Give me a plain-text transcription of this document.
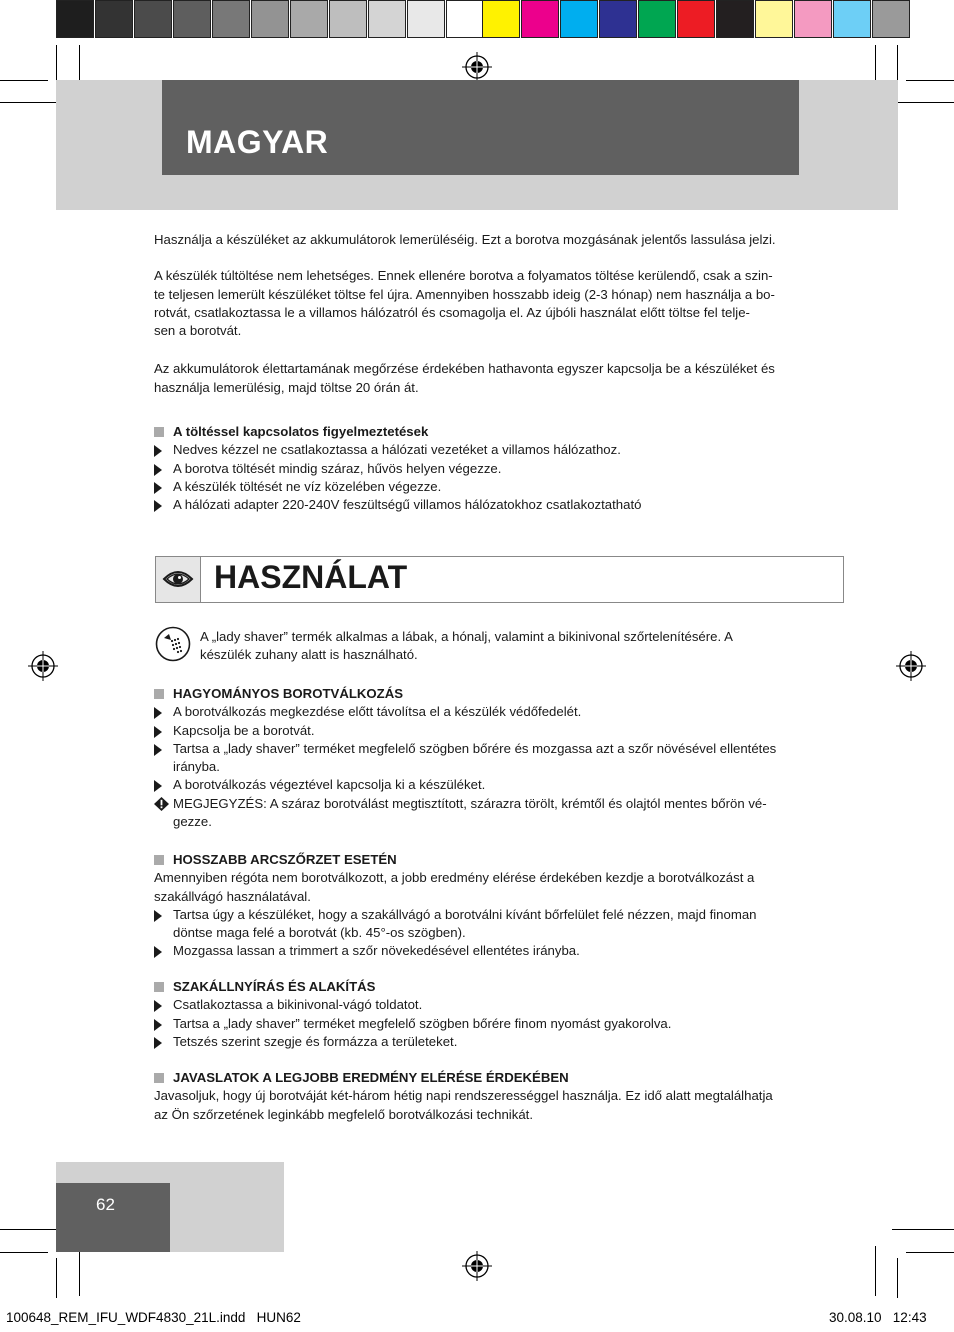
MAGYAR

Használja a készüléket az akkumulátorok lemerüléséig. Ezt a borotva mozgásának jelentős lassulása jelzi.

A készülék túltöltése nem lehetséges. Ennek ellenére borotva a folyamatos töltése kerülendő, csak a szin-
te teljesen lemerült készüléket töltse fel újra. Amennyiben hosszabb ideig (2-3 hónap) nem használja a bo-
rotvát, csatlakoztassa le a villamos hálózatról és csomagolja el. Az újbóli használat előtt töltse fel telje-
sen a borotvát.

Az akkumulátorok élettartamának megőrzése érdekében hathavonta egyszer kapcsolja be a készüléket és
használja lemerülésig, majd töltse 20 órán át.

A töltéssel kapcsolatos figyelmeztetések
Nedves kézzel ne csatlakoztassa a hálózati vezetéket a villamos hálózathoz.
A borotva töltését mindig száraz, hűvös helyen végezze.
A készülék töltését ne víz közelében végezze.
A hálózati adapter 220-240V feszültségű villamos hálózatokhoz csatlakoztatható
HASZNÁLAT
A „lady shaver” termék alkalmas a lábak, a hónalj, valamint a bikinivonal szőrtelenítésére. A
készülék zuhany alatt is használható.
HAGYOMÁNYOS BOROTVÁLKOZÁS
A borotválkozás megkezdése előtt távolítsa el a készülék védőfedelét.
Kapcsolja be a borotvát.
Tartsa a „lady shaver” terméket megfelelő szögben bőrére és mozgassa azt a szőr növésével ellentétes
irányba.
A borotválkozás végeztével kapcsolja ki a készüléket.
MEGJEGYZÉS: A száraz borotválást megtisztított, szárazra törölt, krémtől és olajtól mentes bőrön vé-
gezze.
HOSSZABB ARCSZŐRZET ESETÉN
Amennyiben régóta nem borotválkozott, a jobb eredmény elérése érdekében kezdje a borotválkozást a
szakállvágó használatával.
Tartsa úgy a készüléket, hogy a szakállvágó a borotválni kívánt bőrfelület felé nézzen, majd finoman
döntse maga felé a borotvát (kb. 45°-os szögben).
Mozgassa lassan a trimmert a szőr növekedésével ellentétes irányba.
SZAKÁLLNYÍRÁS ÉS ALAKÍTÁS
Csatlakoztassa a bikinivonal-vágó toldatot.
Tartsa a „lady shaver” terméket megfelelő szögben bőrére finom nyomást gyakorolva.
Tetszés szerint szegje és formázza a területeket.
JAVASLATOK A LEGJOBB EREDMÉNY ELÉRÉSE ÉRDEKÉBEN
Javasoljuk, hogy új borotváját két-három hétig napi rendszerességgel használja. Ez idő alatt megtalálhatja
az Ön szőrzetének leginkább megfelelő borotválkozási technikát.
62
100648_REM_IFU_WDF4830_21L.indd   HUN62	30.08.10   12:43
